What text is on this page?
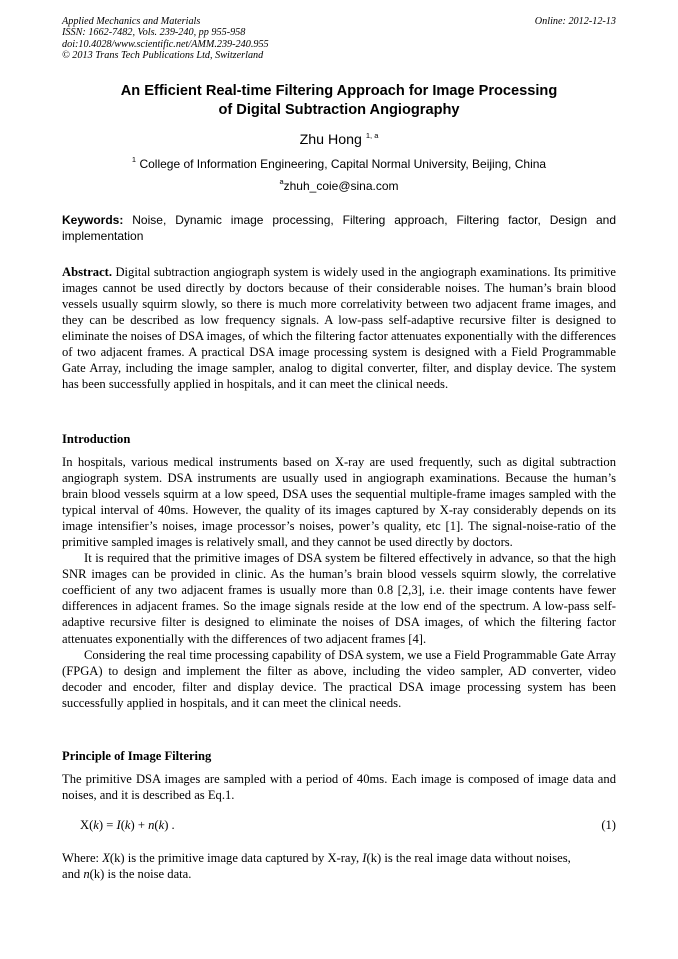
Applied Mechanics and Materials
ISSN: 1662-7482, Vols. 239-240, pp 955-958
doi:10.4028/www.scientific.net/AMM.239-240.955
© 2013 Trans Tech Publications Ltd, Switzerland
Online: 2012-12-13
An Efficient Real-time Filtering Approach for Image Processing
of Digital Subtraction Angiography
Zhu Hong $^{1, a}$
$^1$ College of Information Engineering, Capital Normal University, Beijing, China
$^a$zhuh_coie@sina.com
Keywords: Noise, Dynamic image processing, Filtering approach, Filtering factor, Design and implementation
Abstract. Digital subtraction angiograph system is widely used in the angiograph examinations. Its primitive images cannot be used directly by doctors because of their considerable noises. The human’s brain blood vessels usually squirm slowly, so there is much more correlativity between two adjacent frame images, and they can be described as low frequency signals. A low-pass self-adaptive recursive filter is designed to eliminate the noises of DSA images, of which the filtering factor attenuates exponentially with the differences of two adjacent frames. A practical DSA image processing system is designed with a Field Programmable Gate Array, including the image sampler, analog to digital converter, filter, and display device. The system has been successfully applied in hospitals, and it can meet the clinical needs.
Introduction

In hospitals, various medical instruments based on X-ray are used frequently, such as digital subtraction angiograph system. DSA instruments are usually used in angiograph examinations. Because the human’s brain blood vessels squirm at a low speed, DSA uses the sequential multiple-frame images sampled with the typical interval of 40ms. However, the quality of its images captured by X-ray considerably depends on its image intensifier’s noises, image processor’s noises, power’s quality, etc [1]. The signal-noise-ratio of the primitive sampled images is relatively small, and they cannot be used directly by doctors.

It is required that the primitive images of DSA system be filtered effectively in advance, so that the high SNR images can be provided in clinic. As the human’s brain blood vessels squirm slowly, the correlative coefficient of any two adjacent frames is usually more than 0.8 [2,3], i.e. their image contents have fewer differences in adjacent frames. So the image signals reside at the low end of the spectrum. A low-pass self-adaptive recursive filter is designed to eliminate the noises of DSA images, of which the filtering factor attenuates exponentially with the differences of two adjacent frames [4].

Considering the real time processing capability of DSA system, we use a Field Programmable Gate Array (FPGA) to design and implement the filter as above, including the video sampler, AD converter, video decoder and encoder, filter and display device. The practical DSA image processing system has been successfully applied in hospitals, and it can meet the clinical needs.

Principle of Image Filtering
The primitive DSA images are sampled with a period of 40ms. Each image is composed of image data and noises, and it is described as Eq.1.
X(k) = I(k) + n(k) .	(1)
Where: X(k) is the primitive image data captured by X-ray, I(k) is the real image data without noises,
and n(k) is the noise data.
